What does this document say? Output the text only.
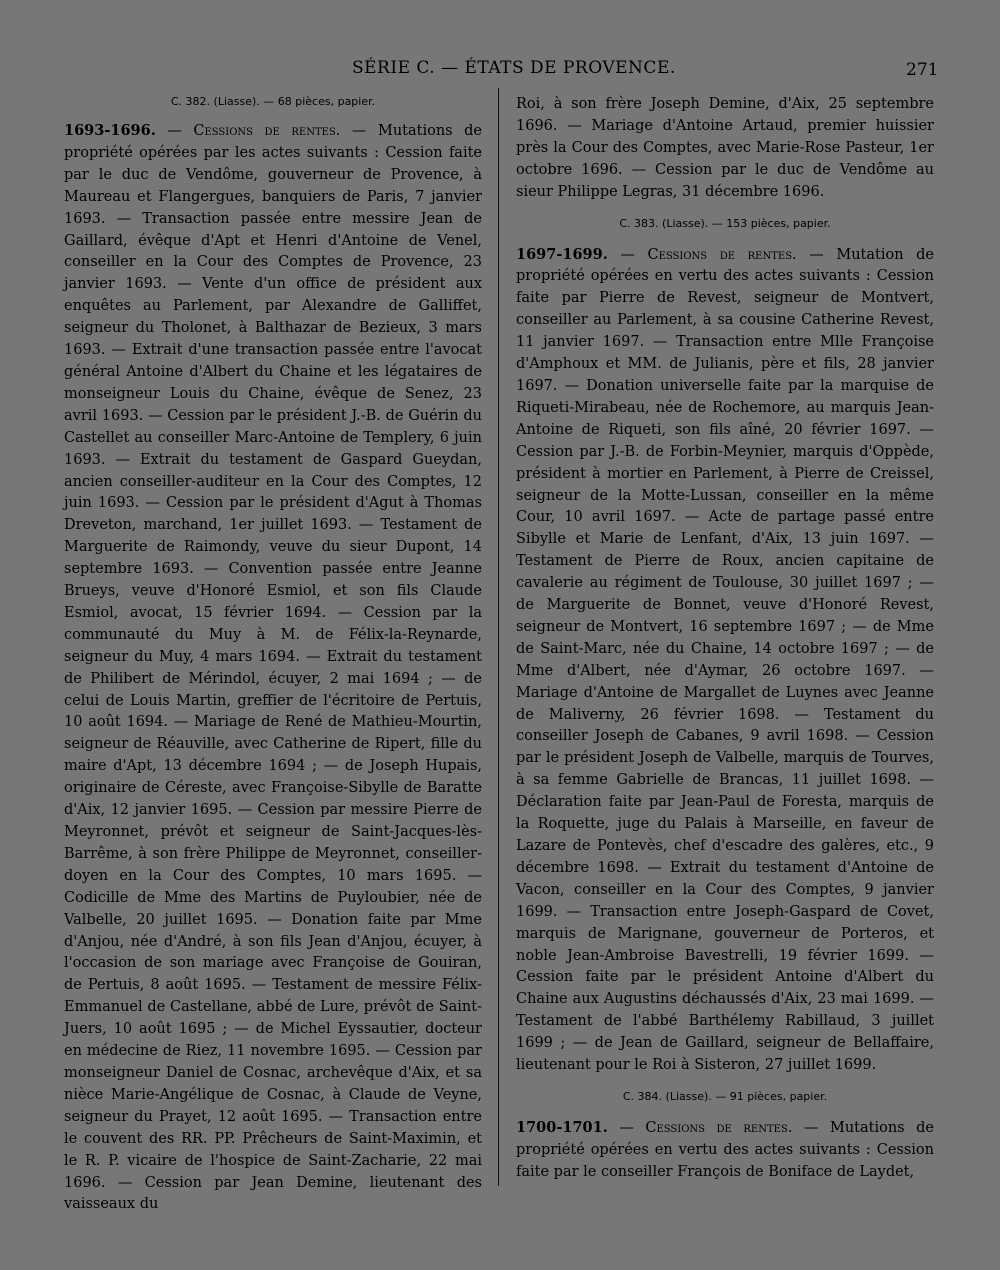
SÉRIE C. — ÉTATS DE PROVENCE.	271

C. 382. (Liasse). — 68 pièces, papier.

1693-1696. — Cessions de rentes. — Mutations de propriété opérées par les actes suivants : Cession faite par le duc de Vendôme, gouverneur de Provence, à Maureau et Flangergues, banquiers de Paris, 7 janvier 1693. — Transaction passée entre messire Jean de Gaillard, évêque d'Apt et Henri d'Antoine de Venel, conseiller en la Cour des Comptes de Provence, 23 janvier 1693. — Vente d'un office de président aux enquêtes au Parlement, par Alexandre de Galliffet, seigneur du Tholonet, à Balthazar de Bezieux, 3 mars 1693. — Extrait d'une transaction passée entre l'avocat général Antoine d'Albert du Chaine et les légataires de monseigneur Louis du Chaine, évêque de Senez, 23 avril 1693. — Cession par le président J.-B. de Guérin du Castellet au conseiller Marc-Antoine de Templery, 6 juin 1693. — Extrait du testament de Gaspard Gueydan, ancien conseiller-auditeur en la Cour des Comptes, 12 juin 1693. — Cession par le président d'Agut à Thomas Dreveton, marchand, 1er juillet 1693. — Testament de Marguerite de Raimondy, veuve du sieur Dupont, 14 septembre 1693. — Convention passée entre Jeanne Brueys, veuve d'Honoré Esmiol, et son fils Claude Esmiol, avocat, 15 février 1694. — Cession par la communauté du Muy à M. de Félix-la-Reynarde, seigneur du Muy, 4 mars 1694. — Extrait du testament de Philibert de Mérindol, écuyer, 2 mai 1694 ; — de celui de Louis Martin, greffier de l'écritoire de Pertuis, 10 août 1694. — Mariage de René de Mathieu-Mourtin, seigneur de Réauville, avec Catherine de Ripert, fille du maire d'Apt, 13 décembre 1694 ; — de Joseph Hupais, originaire de Céreste, avec Françoise-Sibylle de Baratte d'Aix, 12 janvier 1695. — Cession par messire Pierre de Meyronnet, prévôt et seigneur de Saint-Jacques-lès-Barrême, à son frère Philippe de Meyronnet, conseiller-doyen en la Cour des Comptes, 10 mars 1695. — Codicille de Mme des Martins de Puyloubier, née de Valbelle, 20 juillet 1695. — Donation faite par Mme d'Anjou, née d'André, à son fils Jean d'Anjou, écuyer, à l'occasion de son mariage avec Françoise de Gouiran, de Pertuis, 8 août 1695. — Testament de messire Félix-Emmanuel de Castellane, abbé de Lure, prévôt de Saint-Juers, 10 août 1695 ; — de Michel Eyssautier, docteur en médecine de Riez, 11 novembre 1695. — Cession par monseigneur Daniel de Cosnac, archevêque d'Aix, et sa nièce Marie-Angélique de Cosnac, à Claude de Veyne, seigneur du Prayet, 12 août 1695. — Transaction entre le couvent des RR. PP. Prêcheurs de Saint-Maximin, et le R. P. vicaire de l'hospice de Saint-Zacharie, 22 mai 1696. — Cession par Jean Demine, lieutenant des vaisseaux du

Roi, à son frère Joseph Demine, d'Aix, 25 septembre 1696. — Mariage d'Antoine Artaud, premier huissier près la Cour des Comptes, avec Marie-Rose Pasteur, 1er octobre 1696. — Cession par le duc de Vendôme au sieur Philippe Legras, 31 décembre 1696.

C. 383. (Liasse). — 153 pièces, papier.

1697-1699. — Cessions de rentes. — Mutation de propriété opérées en vertu des actes suivants : Cession faite par Pierre de Revest, seigneur de Montvert, conseiller au Parlement, à sa cousine Catherine Revest, 11 janvier 1697. — Transaction entre Mlle Françoise d'Amphoux et MM. de Julianis, père et fils, 28 janvier 1697. — Donation universelle faite par la marquise de Riqueti-Mirabeau, née de Rochemore, au marquis Jean-Antoine de Riqueti, son fils aîné, 20 février 1697. — Cession par J.-B. de Forbin-Meynier, marquis d'Oppède, président à mortier en Parlement, à Pierre de Creissel, seigneur de la Motte-Lussan, conseiller en la même Cour, 10 avril 1697. — Acte de partage passé entre Sibylle et Marie de Lenfant, d'Aix, 13 juin 1697. — Testament de Pierre de Roux, ancien capitaine de cavalerie au régiment de Toulouse, 30 juillet 1697 ; — de Marguerite de Bonnet, veuve d'Honoré Revest, seigneur de Montvert, 16 septembre 1697 ; — de Mme de Saint-Marc, née du Chaine, 14 octobre 1697 ; — de Mme d'Albert, née d'Aymar, 26 octobre 1697. — Mariage d'Antoine de Margallet de Luynes avec Jeanne de Maliverny, 26 février 1698. — Testament du conseiller Joseph de Cabanes, 9 avril 1698. — Cession par le président Joseph de Valbelle, marquis de Tourves, à sa femme Gabrielle de Brancas, 11 juillet 1698. — Déclaration faite par Jean-Paul de Foresta, marquis de la Roquette, juge du Palais à Marseille, en faveur de Lazare de Pontevès, chef d'escadre des galères, etc., 9 décembre 1698. — Extrait du testament d'Antoine de Vacon, conseiller en la Cour des Comptes, 9 janvier 1699. — Transaction entre Joseph-Gaspard de Covet, marquis de Marignane, gouverneur de Porteros, et noble Jean-Ambroise Bavestrelli, 19 février 1699. — Cession faite par le président Antoine d'Albert du Chaine aux Augustins déchaussés d'Aix, 23 mai 1699. — Testament de l'abbé Barthélemy Rabillaud, 3 juillet 1699 ; — de Jean de Gaillard, seigneur de Bellaffaire, lieutenant pour le Roi à Sisteron, 27 juillet 1699.

C. 384. (Liasse). — 91 pièces, papier.

1700-1701. — Cessions de rentes. — Mutations de propriété opérées en vertu des actes suivants : Cession faite par le conseiller François de Boniface de Laydet,
